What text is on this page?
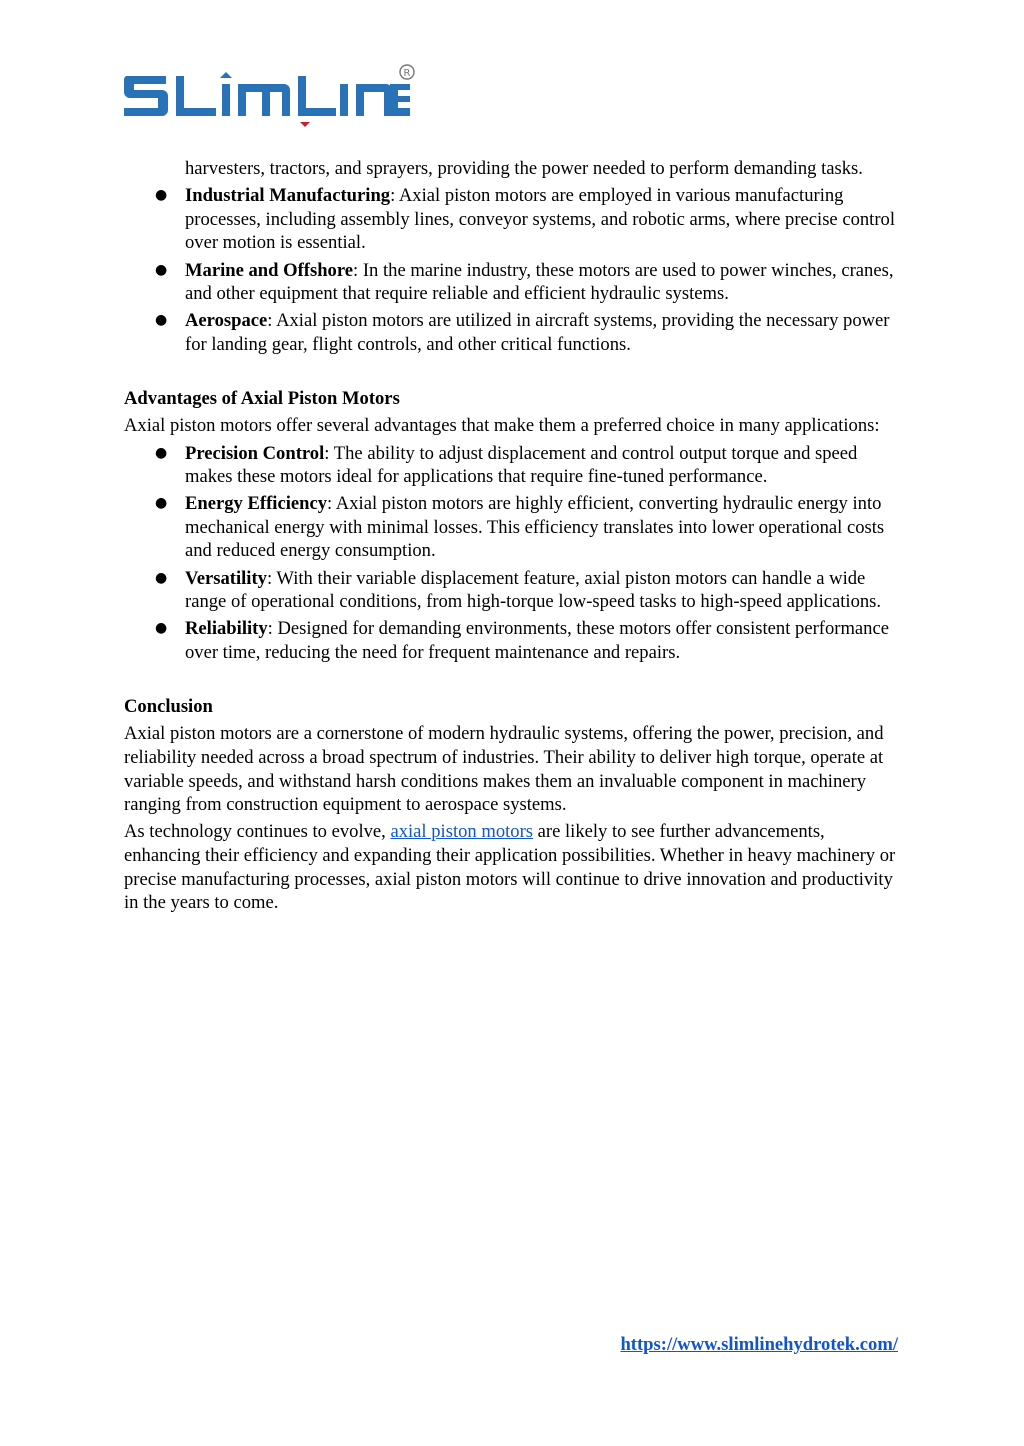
R
harvesters, tractors, and sprayers, providing the power needed to perform demanding tasks.
● Industrial Manufacturing: Axial piston motors are employed in various manufacturing processes, including assembly lines, conveyor systems, and robotic arms, where precise control over motion is essential.
● Marine and Offshore: In the marine industry, these motors are used to power winches, cranes, and other equipment that require reliable and efficient hydraulic systems.
● Aerospace: Axial piston motors are utilized in aircraft systems, providing the necessary power for landing gear, flight controls, and other critical functions.
Advantages of Axial Piston Motors
Axial piston motors offer several advantages that make them a preferred choice in many applications:
● Precision Control: The ability to adjust displacement and control output torque and speed makes these motors ideal for applications that require fine-tuned performance.
● Energy Efficiency: Axial piston motors are highly efficient, converting hydraulic energy into mechanical energy with minimal losses. This efficiency translates into lower operational costs and reduced energy consumption.
● Versatility: With their variable displacement feature, axial piston motors can handle a wide range of operational conditions, from high-torque low-speed tasks to high-speed applications.
● Reliability: Designed for demanding environments, these motors offer consistent performance over time, reducing the need for frequent maintenance and repairs.
Conclusion
Axial piston motors are a cornerstone of modern hydraulic systems, offering the power, precision, and reliability needed across a broad spectrum of industries. Their ability to deliver high torque, operate at variable speeds, and withstand harsh conditions makes them an invaluable component in machinery ranging from construction equipment to aerospace systems.
As technology continues to evolve, axial piston motors are likely to see further advancements, enhancing their efficiency and expanding their application possibilities. Whether in heavy machinery or precise manufacturing processes, axial piston motors will continue to drive innovation and productivity in the years to come.
https://www.slimlinehydrotek.com/
